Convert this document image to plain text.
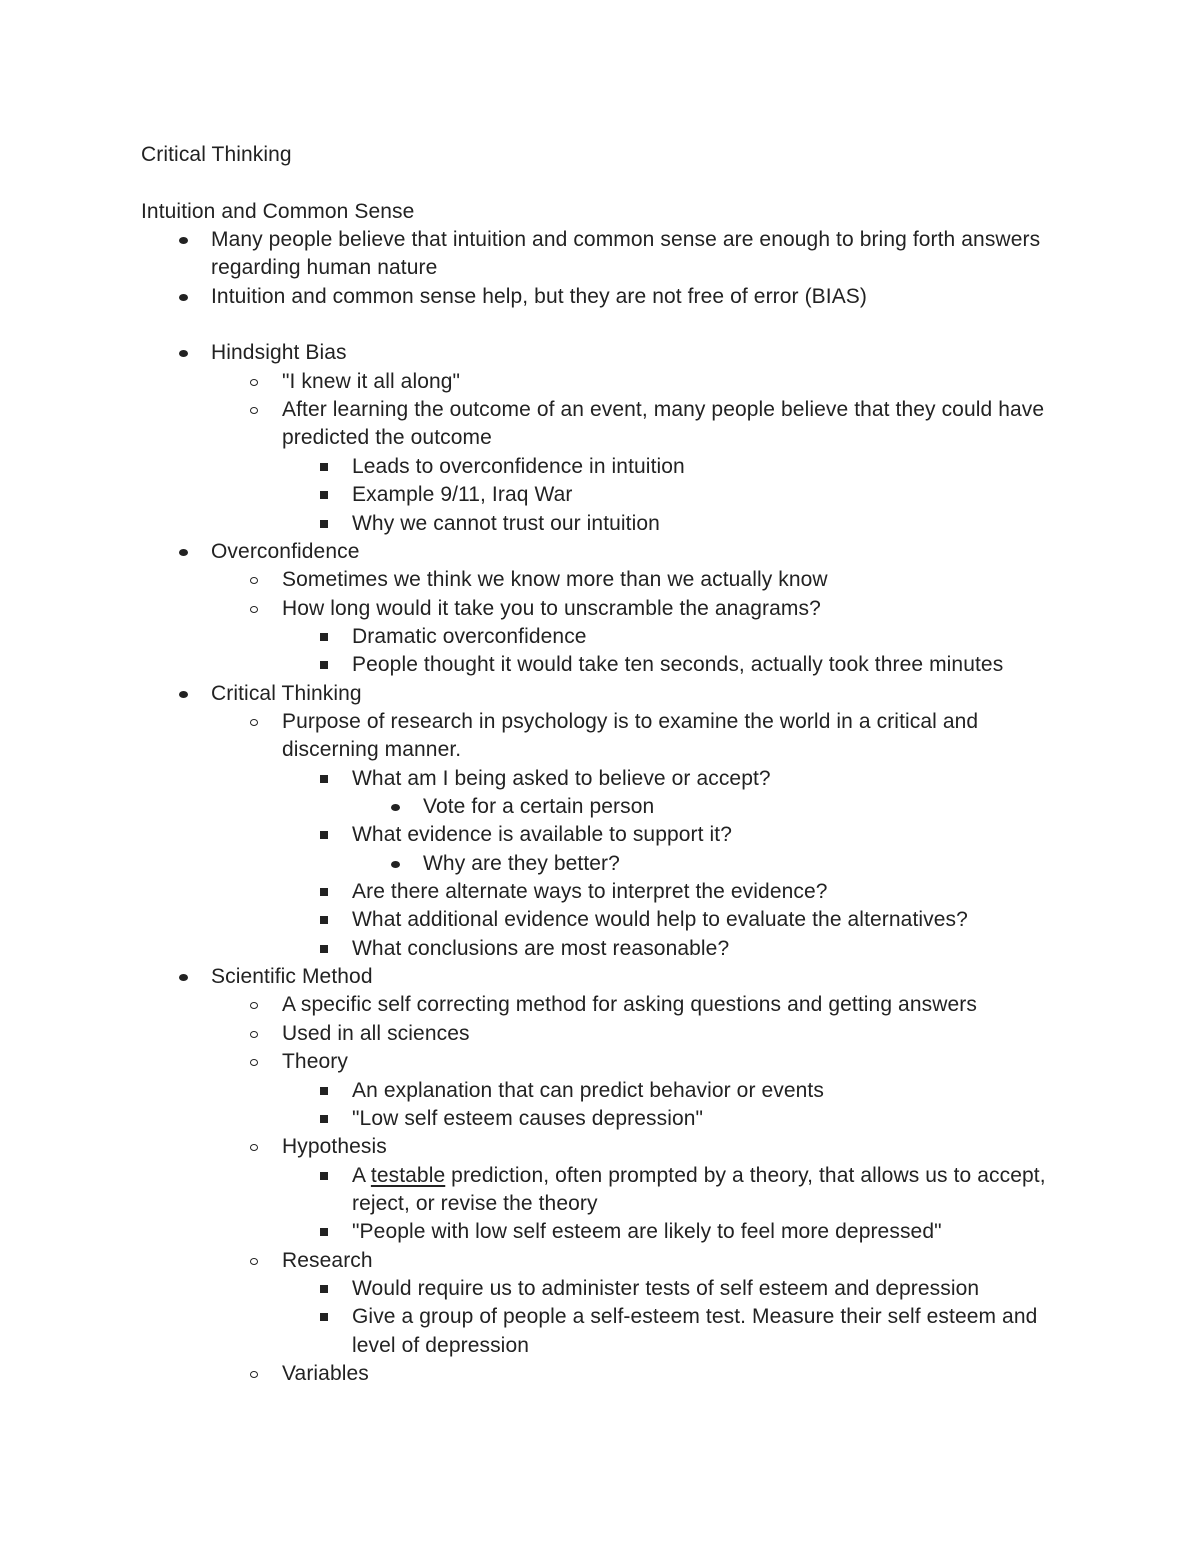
Critical Thinking
Intuition and Common Sense
Many people believe that intuition and common sense are enough to bring forth answers
regarding human nature
Intuition and common sense help, but they are not free of error (BIAS)
Hindsight Bias
"I knew it all along"
After learning the outcome of an event, many people believe that they could have
predicted the outcome
Leads to overconfidence in intuition
Example 9/11, Iraq War
Why we cannot trust our intuition
Overconfidence
Sometimes we think we know more than we actually know
How long would it take you to unscramble the anagrams?
Dramatic overconfidence
People thought it would take ten seconds, actually took three minutes
Critical Thinking
Purpose of research in psychology is to examine the world in a critical and
discerning manner.
What am I being asked to believe or accept?
Vote for a certain person
What evidence is available to support it?
Why are they better?
Are there alternate ways to interpret the evidence?
What additional evidence would help to evaluate the alternatives?
What conclusions are most reasonable?
Scientific Method
A specific self correcting method for asking questions and getting answers
Used in all sciences
Theory
An explanation that can predict behavior or events
"Low self esteem causes depression"
Hypothesis
A testable prediction, often prompted by a theory, that allows us to accept,
reject, or revise the theory
"People with low self esteem are likely to feel more depressed"
Research
Would require us to administer tests of self esteem and depression
Give a group of people a self-esteem test. Measure their self esteem and
level of depression
Variables
